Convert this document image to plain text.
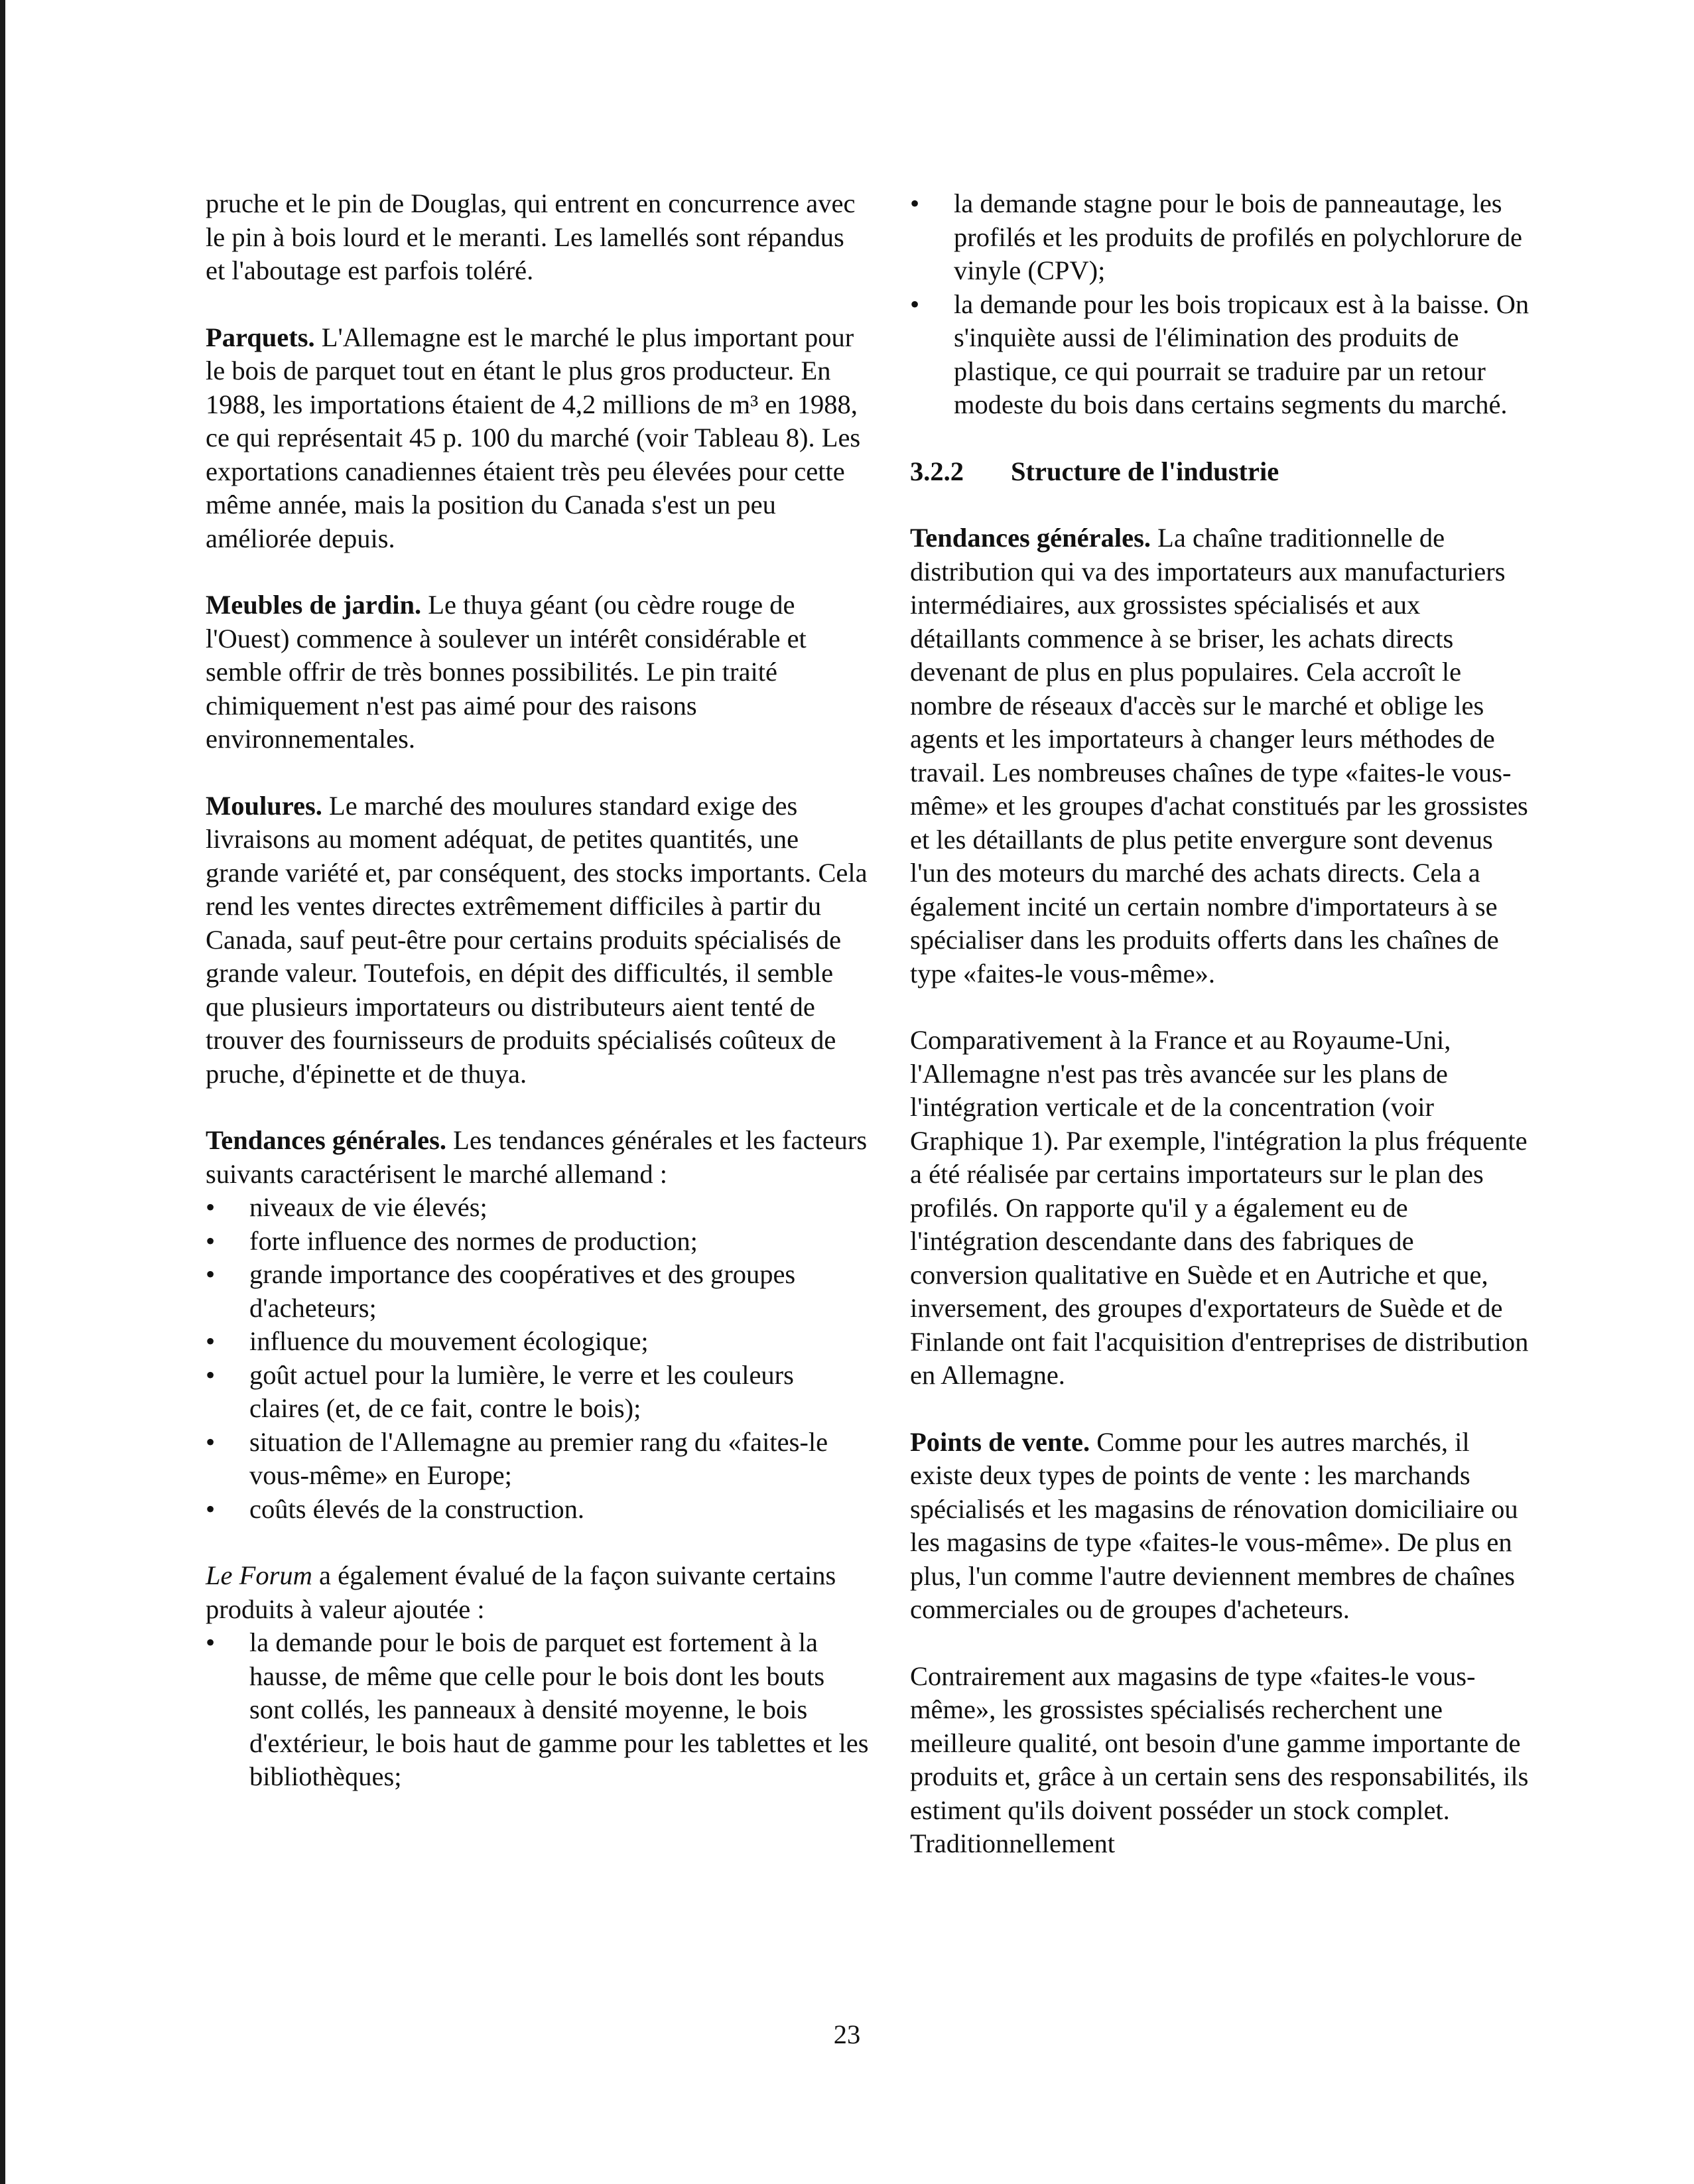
pruche et le pin de Douglas, qui entrent en concurrence avec le pin à bois lourd et le meranti. Les lamellés sont répandus et l'aboutage est parfois toléré.

Parquets. L'Allemagne est le marché le plus important pour le bois de parquet tout en étant le plus gros producteur. En 1988, les importations étaient de 4,2 millions de m³ en 1988, ce qui représentait 45 p. 100 du marché (voir Tableau 8). Les exportations canadiennes étaient très peu élevées pour cette même année, mais la position du Canada s'est un peu améliorée depuis.

Meubles de jardin. Le thuya géant (ou cèdre rouge de l'Ouest) commence à soulever un intérêt considérable et semble offrir de très bonnes possibilités. Le pin traité chimiquement n'est pas aimé pour des raisons environnementales.

Moulures. Le marché des moulures standard exige des livraisons au moment adéquat, de petites quantités, une grande variété et, par conséquent, des stocks importants. Cela rend les ventes directes extrêmement difficiles à partir du Canada, sauf peut-être pour certains produits spécialisés de grande valeur. Toutefois, en dépit des difficultés, il semble que plusieurs importateurs ou distributeurs aient tenté de trouver des fournisseurs de produits spécialisés coûteux de pruche, d'épinette et de thuya.

Tendances générales. Les tendances générales et les facteurs suivants caractérisent le marché allemand :

• niveaux de vie élevés;
• forte influence des normes de production;
• grande importance des coopératives et des groupes d'acheteurs;
• influence du mouvement écologique;
• goût actuel pour la lumière, le verre et les couleurs claires (et, de ce fait, contre le bois);
• situation de l'Allemagne au premier rang du «faites-le vous-même» en Europe;
• coûts élevés de la construction.

Le Forum a également évalué de la façon suivante certains produits à valeur ajoutée :

• la demande pour le bois de parquet est fortement à la hausse, de même que celle pour le bois dont les bouts sont collés, les panneaux à densité moyenne, le bois d'extérieur, le bois haut de gamme pour les tablettes et les bibliothèques;
• la demande stagne pour le bois de panneautage, les profilés et les produits de profilés en polychlorure de vinyle (CPV);
• la demande pour les bois tropicaux est à la baisse. On s'inquiète aussi de l'élimination des produits de plastique, ce qui pourrait se traduire par un retour modeste du bois dans certains segments du marché.
3.2.2 Structure de l'industrie

Tendances générales. La chaîne traditionnelle de distribution qui va des importateurs aux manufacturiers intermédiaires, aux grossistes spécialisés et aux détaillants commence à se briser, les achats directs devenant de plus en plus populaires. Cela accroît le nombre de réseaux d'accès sur le marché et oblige les agents et les importateurs à changer leurs méthodes de travail. Les nombreuses chaînes de type «faites-le vous-même» et les groupes d'achat constitués par les grossistes et les détaillants de plus petite envergure sont devenus l'un des moteurs du marché des achats directs. Cela a également incité un certain nombre d'importateurs à se spécialiser dans les produits offerts dans les chaînes de type «faites-le vous-même».

Comparativement à la France et au Royaume-Uni, l'Allemagne n'est pas très avancée sur les plans de l'intégration verticale et de la concentration (voir Graphique 1). Par exemple, l'intégration la plus fréquente a été réalisée par certains importateurs sur le plan des profilés. On rapporte qu'il y a également eu de l'intégration descendante dans des fabriques de conversion qualitative en Suède et en Autriche et que, inversement, des groupes d'exportateurs de Suède et de Finlande ont fait l'acquisition d'entreprises de distribution en Allemagne.

Points de vente. Comme pour les autres marchés, il existe deux types de points de vente : les marchands spécialisés et les magasins de rénovation domiciliaire ou les magasins de type «faites-le vous-même». De plus en plus, l'un comme l'autre deviennent membres de chaînes commerciales ou de groupes d'acheteurs.

Contrairement aux magasins de type «faites-le vous-même», les grossistes spécialisés recherchent une meilleure qualité, ont besoin d'une gamme importante de produits et, grâce à un certain sens des responsabilités, ils estiment qu'ils doivent posséder un stock complet. Traditionnellement

23
